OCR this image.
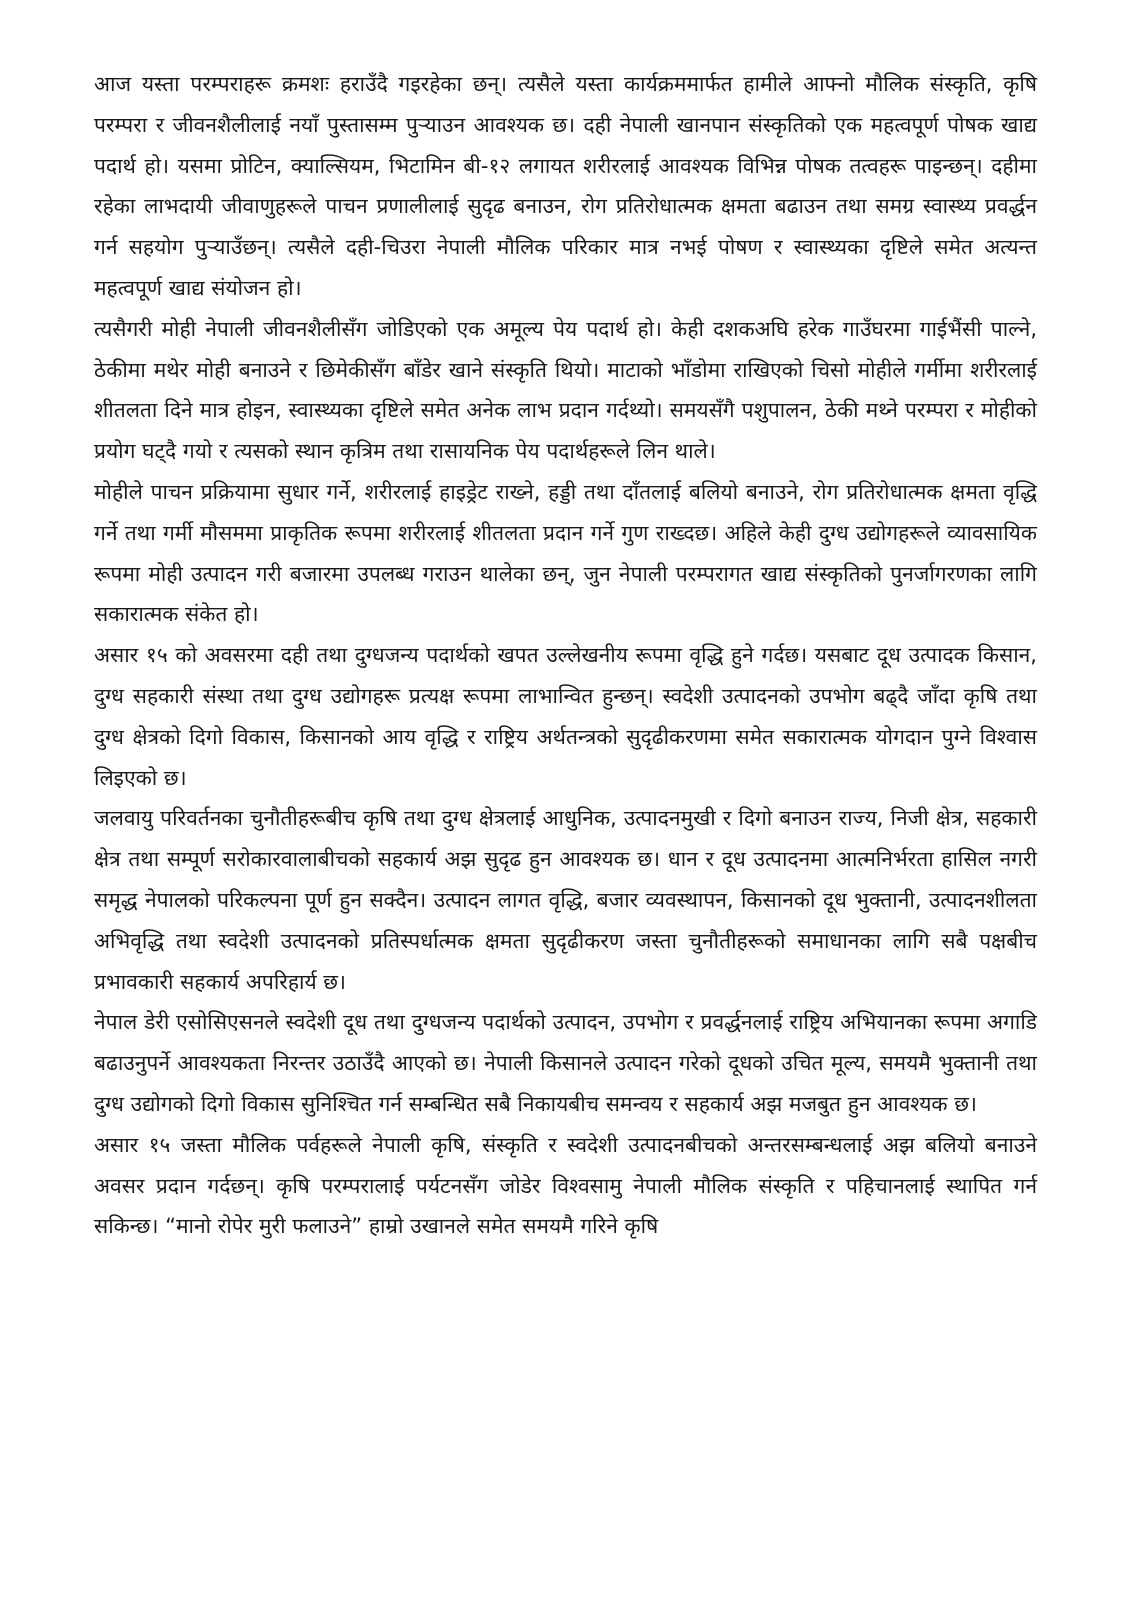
आज यस्ता परम्पराहरू क्रमशः हराउँदै गइरहेका छन्। त्यसैले यस्ता कार्यक्रममार्फत हामीले आफ्नो मौलिक संस्कृति, कृषि परम्परा र जीवनशैलीलाई नयाँ पुस्तासम्म पुऱ्याउन आवश्यक छ। दही नेपाली खानपान संस्कृतिको एक महत्वपूर्ण पोषक खाद्य पदार्थ हो। यसमा प्रोटिन, क्याल्सियम, भिटामिन बी-१२ लगायत शरीरलाई आवश्यक विभिन्न पोषक तत्वहरू पाइन्छन्। दहीमा रहेका लाभदायी जीवाणुहरूले पाचन प्रणालीलाई सुदृढ बनाउन, रोग प्रतिरोधात्मक क्षमता बढाउन तथा समग्र स्वास्थ्य प्रवर्द्धन गर्न सहयोग पुऱ्याउँछन्। त्यसैले दही-चिउरा नेपाली मौलिक परिकार मात्र नभई पोषण र स्वास्थ्यका दृष्टिले समेत अत्यन्त महत्वपूर्ण खाद्य संयोजन हो।

त्यसैगरी मोही नेपाली जीवनशैलीसँग जोडिएको एक अमूल्य पेय पदार्थ हो। केही दशकअघि हरेक गाउँघरमा गाईभैंसी पाल्ने, ठेकीमा मथेर मोही बनाउने र छिमेकीसँग बाँडेर खाने संस्कृति थियो। माटाको भाँडोमा राखिएको चिसो मोहीले गर्मीमा शरीरलाई शीतलता दिने मात्र होइन, स्वास्थ्यका दृष्टिले समेत अनेक लाभ प्रदान गर्दथ्यो। समयसँगै पशुपालन, ठेकी मथ्ने परम्परा र मोहीको प्रयोग घट्दै गयो र त्यसको स्थान कृत्रिम तथा रासायनिक पेय पदार्थहरूले लिन थाले।

मोहीले पाचन प्रक्रियामा सुधार गर्ने, शरीरलाई हाइड्रेट राख्ने, हड्डी तथा दाँतलाई बलियो बनाउने, रोग प्रतिरोधात्मक क्षमता वृद्धि गर्ने तथा गर्मी मौसममा प्राकृतिक रूपमा शरीरलाई शीतलता प्रदान गर्ने गुण राख्दछ। अहिले केही दुग्ध उद्योगहरूले व्यावसायिक रूपमा मोही उत्पादन गरी बजारमा उपलब्ध गराउन थालेका छन्, जुन नेपाली परम्परागत खाद्य संस्कृतिको पुनर्जागरणका लागि सकारात्मक संकेत हो।

असार १५ को अवसरमा दही तथा दुग्धजन्य पदार्थको खपत उल्लेखनीय रूपमा वृद्धि हुने गर्दछ। यसबाट दूध उत्पादक किसान, दुग्ध सहकारी संस्था तथा दुग्ध उद्योगहरू प्रत्यक्ष रूपमा लाभान्वित हुन्छन्। स्वदेशी उत्पादनको उपभोग बढ्दै जाँदा कृषि तथा दुग्ध क्षेत्रको दिगो विकास, किसानको आय वृद्धि र राष्ट्रिय अर्थतन्त्रको सुदृढीकरणमा समेत सकारात्मक योगदान पुग्ने विश्वास लिइएको छ।

जलवायु परिवर्तनका चुनौतीहरूबीच कृषि तथा दुग्ध क्षेत्रलाई आधुनिक, उत्पादनमुखी र दिगो बनाउन राज्य, निजी क्षेत्र, सहकारी क्षेत्र तथा सम्पूर्ण सरोकारवालाबीचको सहकार्य अझ सुदृढ हुन आवश्यक छ। धान र दूध उत्पादनमा आत्मनिर्भरता हासिल नगरी समृद्ध नेपालको परिकल्पना पूर्ण हुन सक्दैन। उत्पादन लागत वृद्धि, बजार व्यवस्थापन, किसानको दूध भुक्तानी, उत्पादनशीलता अभिवृद्धि तथा स्वदेशी उत्पादनको प्रतिस्पर्धात्मक क्षमता सुदृढीकरण जस्ता चुनौतीहरूको समाधानका लागि सबै पक्षबीच प्रभावकारी सहकार्य अपरिहार्य छ।

नेपाल डेरी एसोसिएसनले स्वदेशी दूध तथा दुग्धजन्य पदार्थको उत्पादन, उपभोग र प्रवर्द्धनलाई राष्ट्रिय अभियानका रूपमा अगाडि बढाउनुपर्ने आवश्यकता निरन्तर उठाउँदै आएको छ। नेपाली किसानले उत्पादन गरेको दूधको उचित मूल्य, समयमै भुक्तानी तथा दुग्ध उद्योगको दिगो विकास सुनिश्चित गर्न सम्बन्धित सबै निकायबीच समन्वय र सहकार्य अझ मजबुत हुन आवश्यक छ।

असार १५ जस्ता मौलिक पर्वहरूले नेपाली कृषि, संस्कृति र स्वदेशी उत्पादनबीचको अन्तरसम्बन्धलाई अझ बलियो बनाउने अवसर प्रदान गर्दछन्। कृषि परम्परालाई पर्यटनसँग जोडेर विश्वसामु नेपाली मौलिक संस्कृति र पहिचानलाई स्थापित गर्न सकिन्छ। “मानो रोपेर मुरी फलाउने” हाम्रो उखानले समेत समयमै गरिने कृषि
